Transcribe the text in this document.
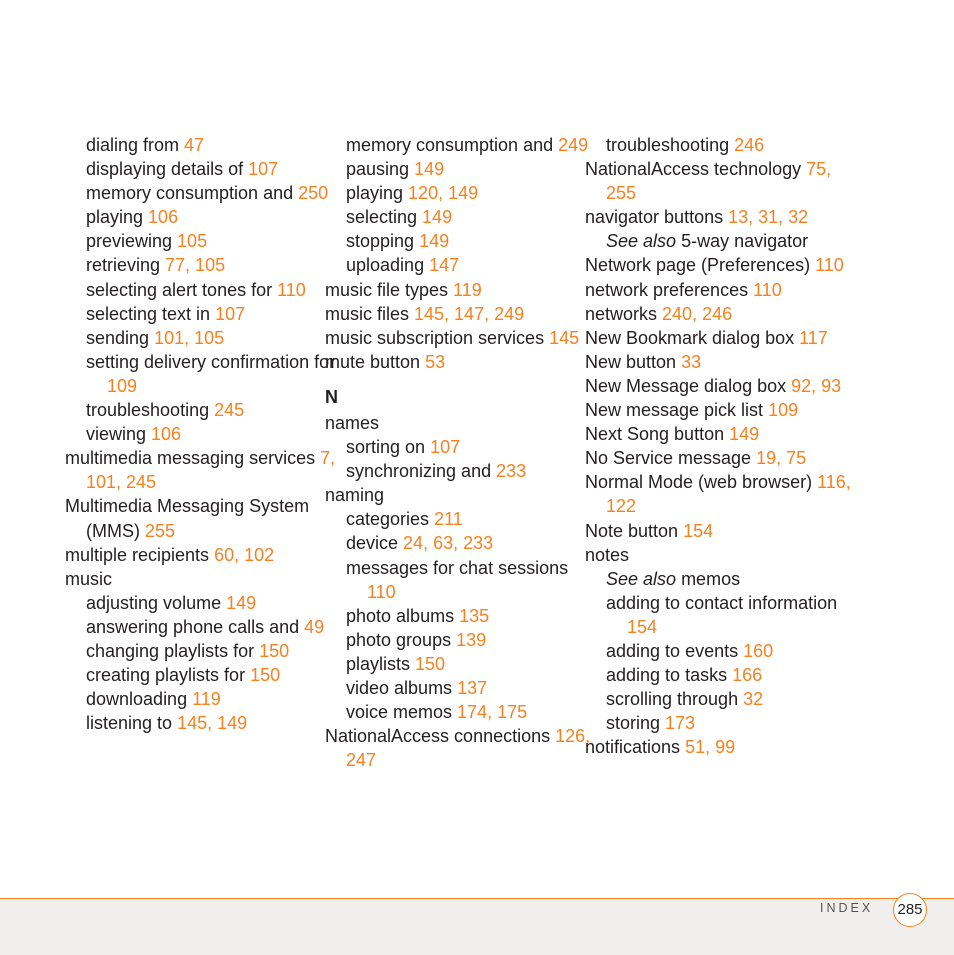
dialing from 47
displaying details of 107
memory consumption and 250
playing 106
previewing 105
retrieving 77, 105
selecting alert tones for 110
selecting text in 107
sending 101, 105
setting delivery confirmation for 109
troubleshooting 245
viewing 106
multimedia messaging services 7, 101, 245
Multimedia Messaging System (MMS) 255
multiple recipients 60, 102
music
adjusting volume 149
answering phone calls and 49
changing playlists for 150
creating playlists for 150
downloading 119
listening to 145, 149
memory consumption and 249
pausing 149
playing 120, 149
selecting 149
stopping 149
uploading 147
music file types 119
music files 145, 147, 249
music subscription services 145
mute button 53
N
names
sorting on 107
synchronizing and 233
naming
categories 211
device 24, 63, 233
messages for chat sessions 110
photo albums 135
photo groups 139
playlists 150
video albums 137
voice memos 174, 175
NationalAccess connections 126, 247
troubleshooting 246
NationalAccess technology 75, 255
navigator buttons 13, 31, 32
See also 5-way navigator
Network page (Preferences) 110
network preferences 110
networks 240, 246
New Bookmark dialog box 117
New button 33
New Message dialog box 92, 93
New message pick list 109
Next Song button 149
No Service message 19, 75
Normal Mode (web browser) 116, 122
Note button 154
notes
See also memos
adding to contact information 154
adding to events 160
adding to tasks 166
scrolling through 32
storing 173
notifications 51, 99
INDEX 285
